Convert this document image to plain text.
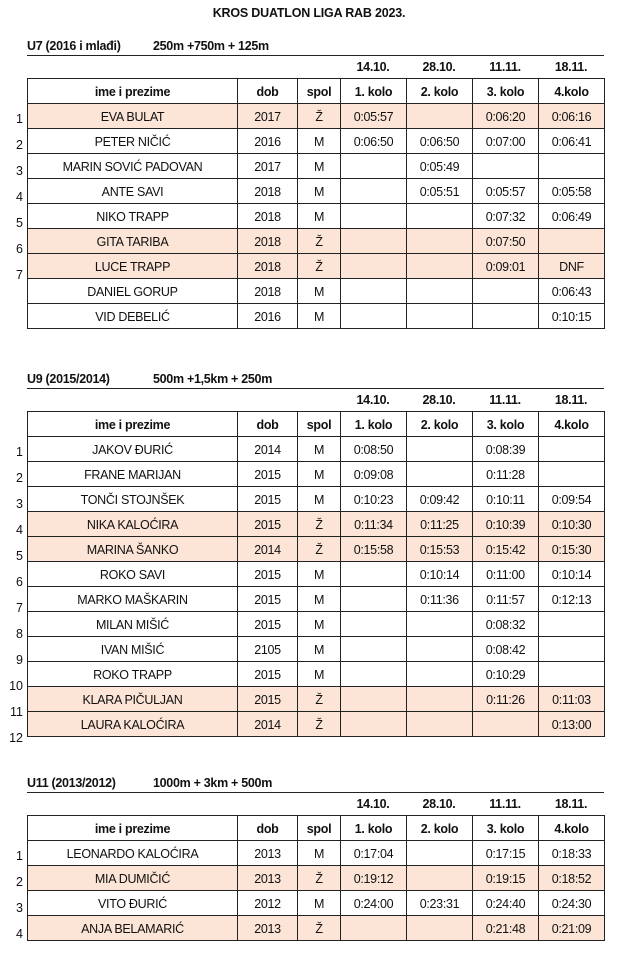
KROS DUATLON LIGA RAB 2023.
U7 (2016 i mlađi)	250m +750m + 125m
14.10.	28.10.	11.11.	18.11.
1
2
3
4
5
6
7
ime i prezime	dob	spol	1. kolo	2. kolo	3. kolo	4.kolo
EVA BULAT	2017	Ž	0:05:57		0:06:20	0:06:16
PETER NIČIĆ	2016	M	0:06:50	0:06:50	0:07:00	0:06:41
MARIN SOVIĆ PADOVAN	2017	M		0:05:49		
ANTE SAVI	2018	M		0:05:51	0:05:57	0:05:58
NIKO TRAPP	2018	M			0:07:32	0:06:49
GITA TARIBA	2018	Ž			0:07:50	
LUCE TRAPP	2018	Ž			0:09:01	DNF
DANIEL GORUP	2018	M				0:06:43
VID DEBELIĆ	2016	M				0:10:15
U9 (2015/2014)	500m +1,5km + 250m
14.10.	28.10.	11.11.	18.11.
1
2
3
4
5
6
7
8
9
10
11
12
ime i prezime	dob	spol	1. kolo	2. kolo	3. kolo	4.kolo
JAKOV ĐURIĆ	2014	M	0:08:50		0:08:39	
FRANE MARIJAN	2015	M	0:09:08		0:11:28	
TONČI STOJNŠEK	2015	M	0:10:23	0:09:42	0:10:11	0:09:54
NIKA KALOĆIRA	2015	Ž	0:11:34	0:11:25	0:10:39	0:10:30
MARINA ŠANKO	2014	Ž	0:15:58	0:15:53	0:15:42	0:15:30
ROKO SAVI	2015	M		0:10:14	0:11:00	0:10:14
MARKO MAŠKARIN	2015	M		0:11:36	0:11:57	0:12:13
MILAN MIŠIĆ	2015	M			0:08:32	
IVAN MIŠIĆ	2105	M			0:08:42	
ROKO TRAPP	2015	M			0:10:29	
KLARA PIČULJAN	2015	Ž			0:11:26	0:11:03
LAURA KALOĆIRA	2014	Ž				0:13:00
U11 (2013/2012)	1000m + 3km + 500m
14.10.	28.10.	11.11.	18.11.
1
2
3
4
ime i prezime	dob	spol	1. kolo	2. kolo	3. kolo	4.kolo
LEONARDO KALOĆIRA	2013	M	0:17:04		0:17:15	0:18:33
MIA DUMIČIĆ	2013	Ž	0:19:12		0:19:15	0:18:52
VITO ĐURIĆ	2012	M	0:24:00	0:23:31	0:24:40	0:24:30
ANJA BELAMARIĆ	2013	Ž			0:21:48	0:21:09
